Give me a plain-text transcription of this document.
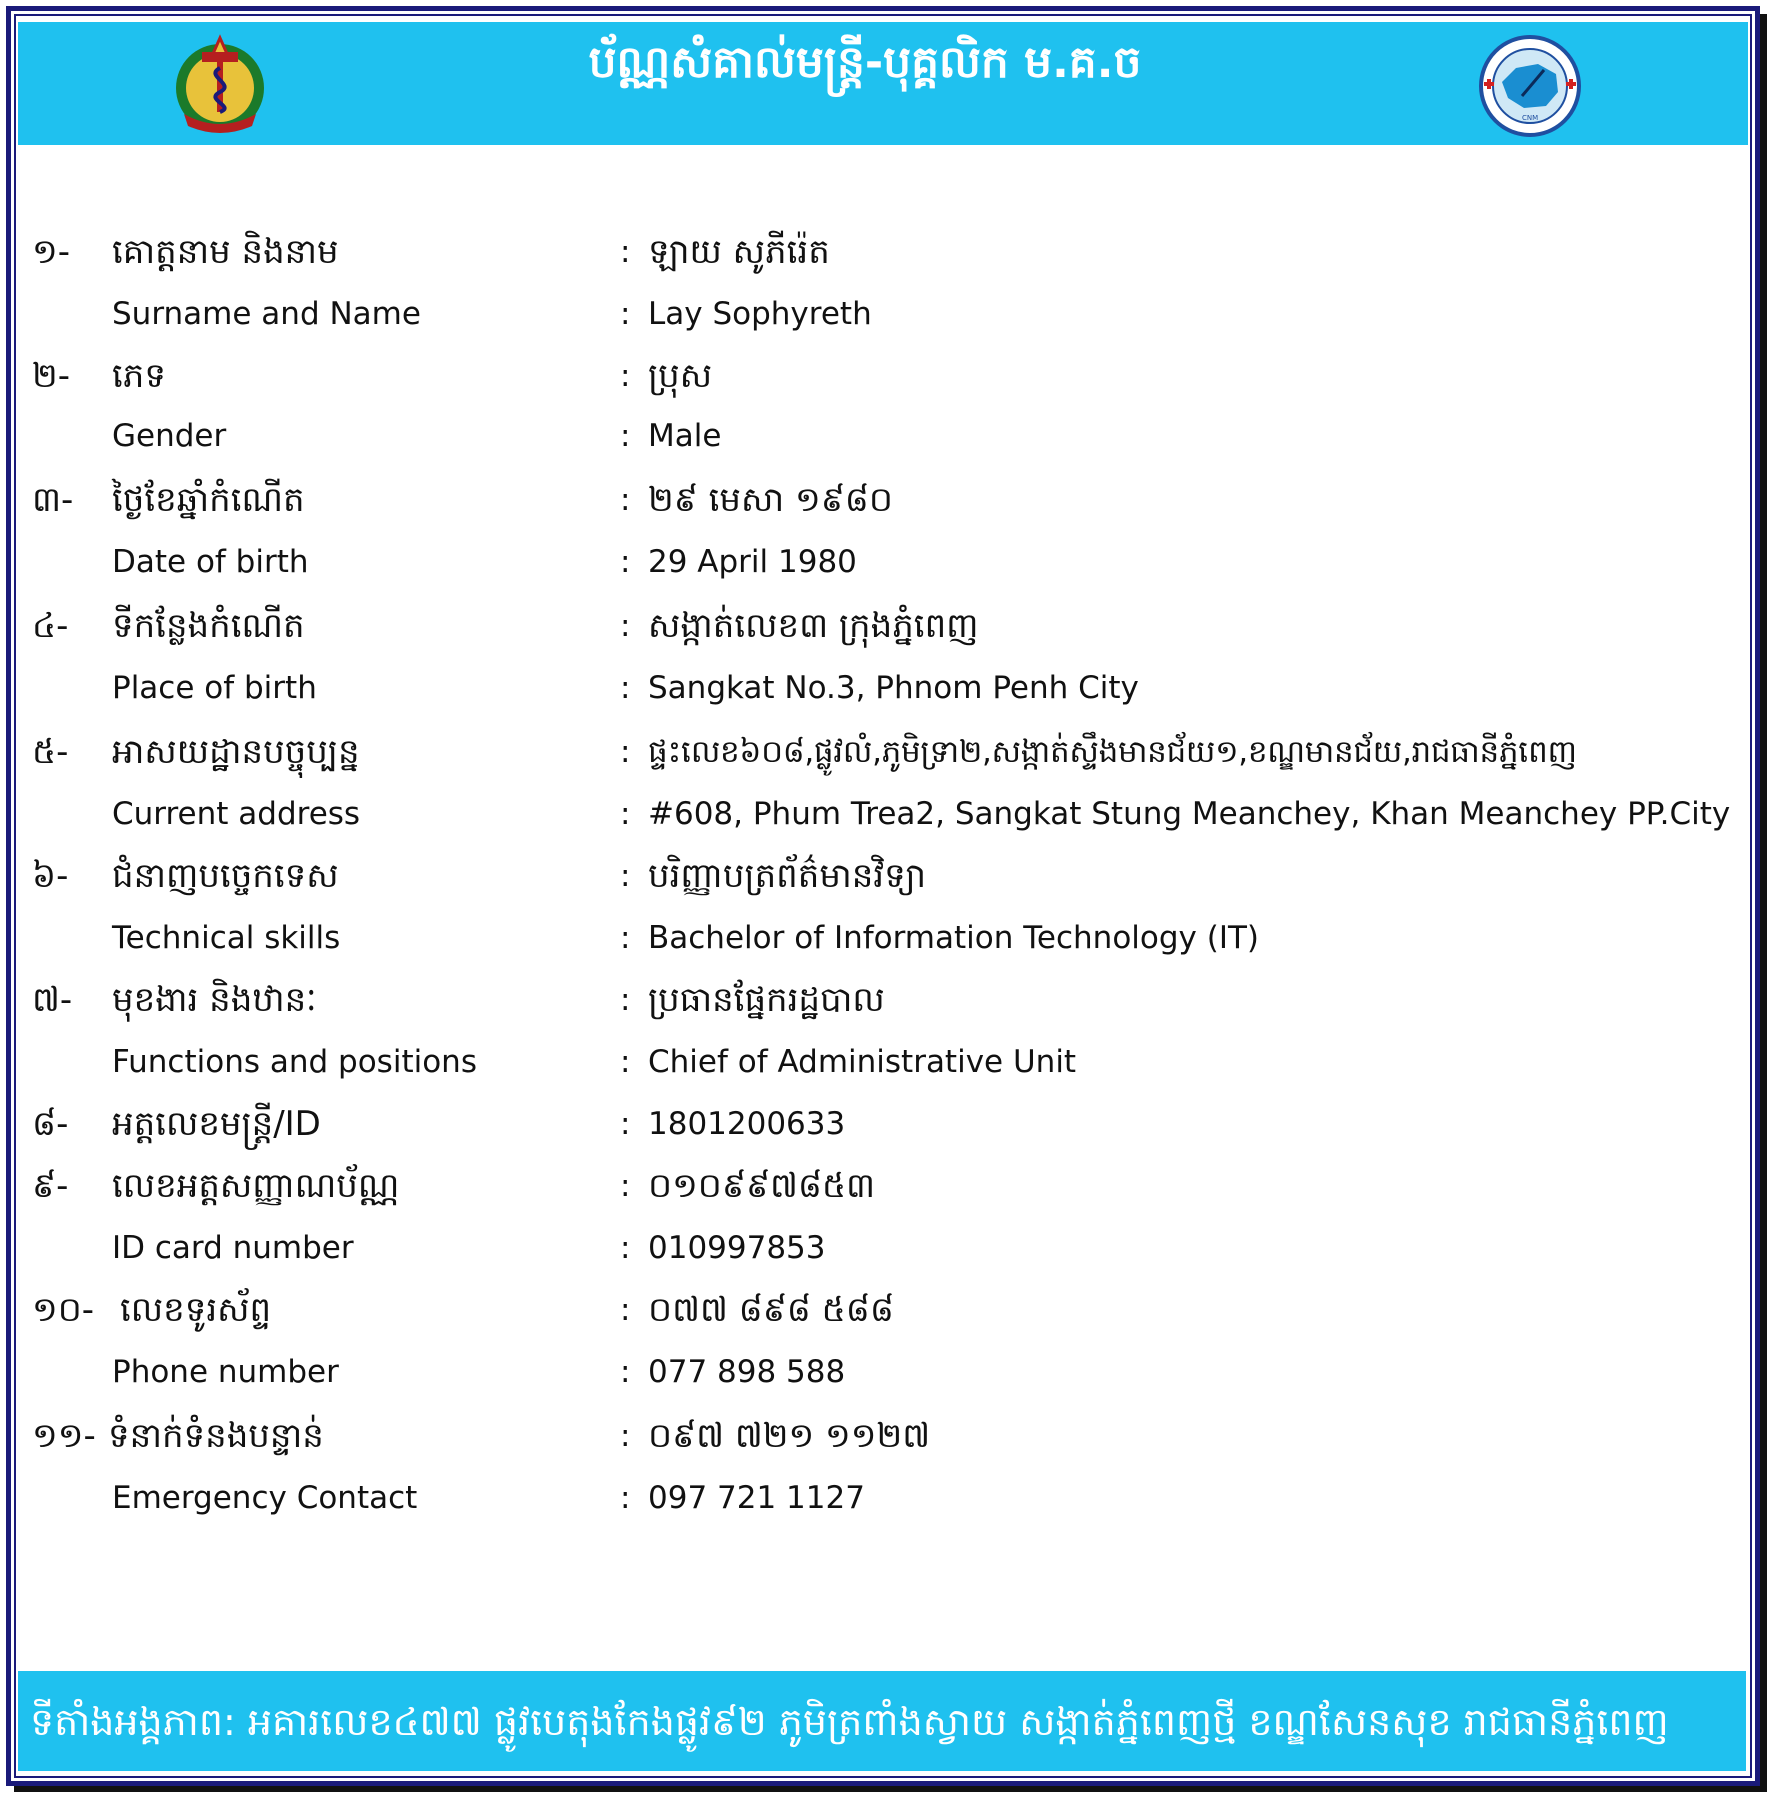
CNM
ប័ណ្ណសំគាល់មន្ត្រី-បុគ្គលិក ម.គ.ច
១- គោត្តនាម និងនាម	: ឡាយ សូភីរ៉េត
Surname and Name	: Lay Sophyreth
២- ភេទ	: ប្រុស
Gender	: Male
៣- ថ្ងៃខែឆ្នាំកំណើត	: ២៩ មេសា ១៩៨០
Date of birth	: 29 April 1980
៤- ទីកន្លែងកំណើត	: សង្កាត់លេខ៣ ក្រុងភ្នំពេញ
Place of birth	: Sangkat No.3, Phnom Penh City
៥- អាសយដ្ឋានបច្ចុប្បន្ន	: ផ្ទះលេខ៦០៨,ផ្លូវលំ,ភូមិទ្រា២,សង្កាត់ស្ទឹងមានជ័យ១,ខណ្ឌមានជ័យ,រាជធានីភ្នំពេញ
Current address	: #608, Phum Trea2, Sangkat Stung Meanchey, Khan Meanchey PP.City
៦- ជំនាញបច្ចេកទេស	: បរិញ្ញាបត្រព័ត៌មានវិទ្យា
Technical skills	: Bachelor of Information Technology (IT)
៧- មុខងារ និងឋានៈ	: ប្រធានផ្នែករដ្ឋបាល
Functions and positions	: Chief of Administrative Unit
៨- អត្តលេខមន្ត្រី/ID	: 1801200633
៩- លេខអត្តសញ្ញាណប័ណ្ណ	: ០១០៩៩៧៨៥៣
ID card number	: 010997853
១០- លេខទូរស័ព្ទ	: ០៧៧ ៨៩៨ ៥៨៨
Phone number	: 077 898 588
១១- ទំនាក់ទំនងបន្ទាន់	: ០៩៧ ៧២១ ១១២៧
Emergency Contact	: 097 721 1127
ទីតាំងអង្គភាព: អគារលេខ៤៧៧ ផ្លូវបេតុងកែងផ្លូវ៩២ ភូមិត្រពាំងស្វាយ សង្កាត់ភ្នំពេញថ្មី ខណ្ឌសែនសុខ រាជធានីភ្នំពេញ
